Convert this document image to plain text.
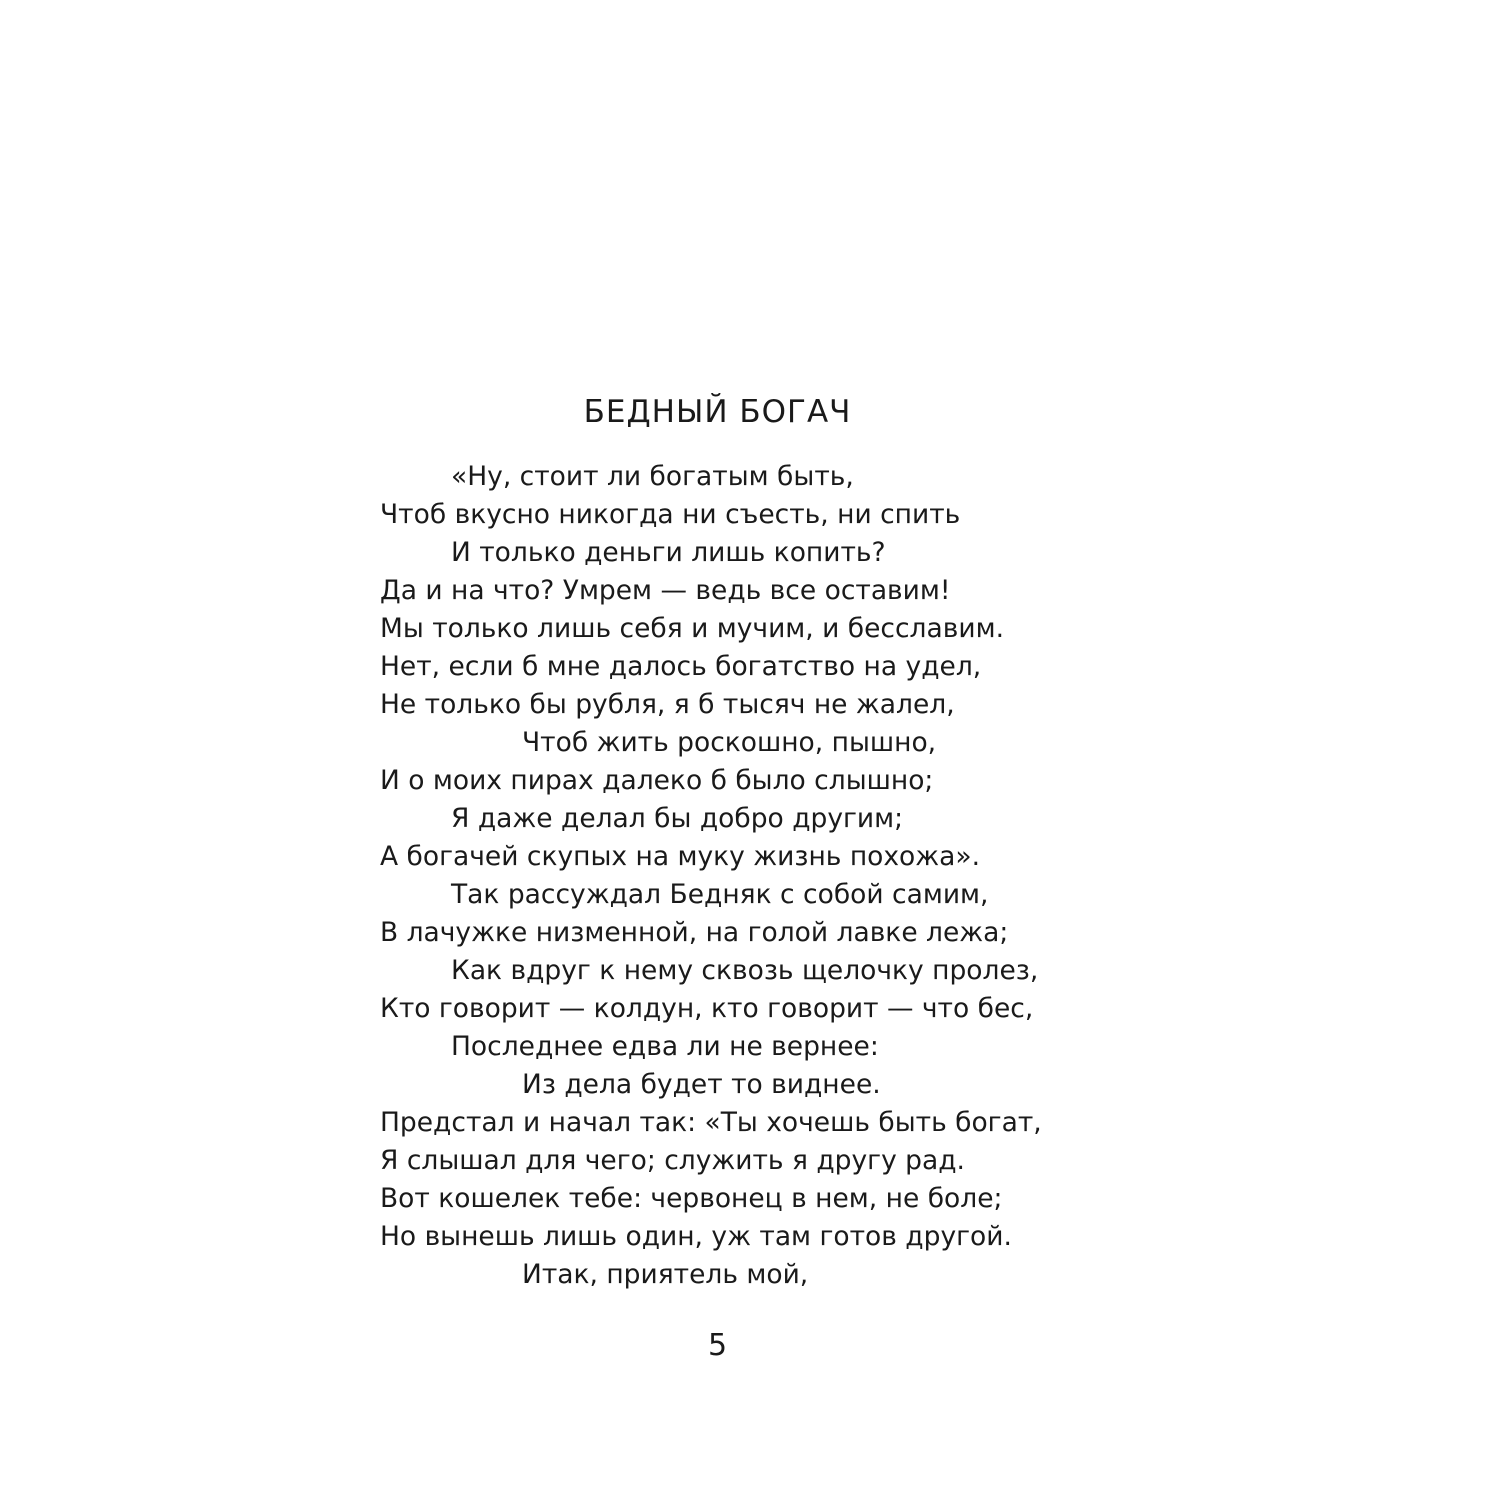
БЕДНЫЙ БОГАЧ
«Ну, стоит ли богатым быть,
Чтоб вкусно никогда ни съесть, ни спить
И только деньги лишь копить?
Да и на что? Умрем — ведь все оставим!
Мы только лишь себя и мучим, и бесславим.
Нет, если б мне далось богатство на удел,
Не только бы рубля, я б тысяч не жалел,
Чтоб жить роскошно, пышно,
И о моих пирах далеко б было слышно;
Я даже делал бы добро другим;
А богачей скупых на муку жизнь похожа».
Так рассуждал Бедняк с собой самим,
В лачужке низменной, на голой лавке лежа;
Как вдруг к нему сквозь щелочку пролез,
Кто говорит — колдун, кто говорит — что бес,
Последнее едва ли не вернее:
Из дела будет то виднее.
Предстал и начал так: «Ты хочешь быть богат,
Я слышал для чего; служить я другу рад.
Вот кошелек тебе: червонец в нем, не боле;
Но вынешь лишь один, уж там готов другой.
Итак, приятель мой,
5
